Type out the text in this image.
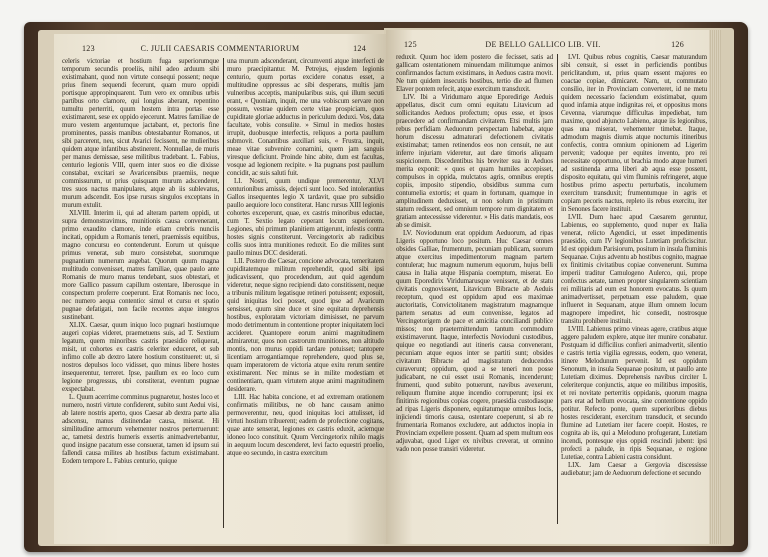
123	C. JULII CAESARIS COMMENTARIORUM	124

celeris victoriae et hostium fuga superiorumque temporum secundis proeliis, nihil adeo arduum sibi existimabant, quod non virtute consequi possent; neque prius finem sequendi fecerunt, quam muro oppidi portisque appropinquarent. Tum vero ex omnibus urbis partibus orto clamore, qui longius aberant, repentino tumultu perterriti, quum hostem intra portas esse existimarent, sese ex oppido ejecerunt. Matres familiae de muro vestem argentumque jactabant, et, pectoris fine prominentes, passis manibus obtestabantur Romanos, ut sibi parcerent, neu, sicut Avarici fecissent, ne mulieribus quidem atque infantibus abstinerent. Nonnullae, de muris per manus demissae, sese militibus tradebant. L. Fabius, centurio legionis VIII, quem inter suos eo die dixisse constabat, excitari se Avaricensibus praemiis, neque commissurum, ut prius quisquam murum adscenderet, tres suos nactus manipulares, atque ab iis sublevatus, murum adscendit. Eos ipse rursus singulos exceptans in murum extulit.

XLVIII. Interim ii, qui ad alteram partem oppidi, ut supra demonstravimus, munitionis causa convenerant, primo exaudito clamore, inde etiam crebris nunciis incitati, oppidum a Romanis teneri, praemissis equitibus, magno concursu eo contenderunt. Eorum ut quisque primus venerat, sub muro consistebat, suorumque pugnantium numerum augebat. Quorum quum magna multitudo convenisset, matres familiae, quae paulo ante Romanis de muro manus tendebant, suos obtestari, et more Gallico passum capillum ostentare, liberosque in conspectum proferre coeperunt. Erat Romanis nec loco, nec numero aequa contentio: simul et cursu et spatio pugnae defatigati, non facile recentes atque integros sustinebant.

XLIX. Caesar, quum iniquo loco pugnari hostiumque augeri copias videret, praemetuens suis, ad T. Sextium legatum, quem minoribus castris praesidio reliquerat, misit, ut cohortes ex castris celeriter educeret, et sub infimo colle ab dextro latere hostium constitueret: ut, si nostros depulsos loco vidisset, quo minus libere hostes insequerentur, terreret. Ipse, paullum ex eo loco cum legione progressus, ubi constiterat, eventum pugnae exspectabat.

L. Quum acerrime comminus pugnaretur, hostes loco et numero, nostri virtute confiderent, subito sunt Aedui visi, ab latere nostris aperto, quos Caesar ab dextra parte alia adscensu, manus distinendae causa, miserat. Hi similitudine armorum vehementer nostros perterruerunt: ac, tametsi dextris humeris exsertis animadvertebantur, quod insigne pacatum esse consuerat, tamen id ipsum sui fallendi causa milites ab hostibus factum existimabant. Eodem tempore L. Fabius centurio, quique

una murum adscenderant, circumventi atque interfecti de muro praecipitantur. M. Petrejus, ejusdem legionis centurio, quum portas excidere conatus esset, a multitudine oppressus ac sibi desperans, multis jam vulneribus acceptis, manipularibus suis, qui illum secuti erant, « Quoniam, inquit, me una vobiscum servare non possum, vestrae quidem certe vitae prospiciam, quos cupiditate gloriae adductus in periculum deduxi. Vos, data facultate, vobis consulite. » Simul in medios hostes irrupit, duobusque interfectis, reliquos a porta paullum submovit. Conantibus auxiliari suis, « Frustra, inquit, meae vitae subvenire conamini, quem jam sanguis viresque deficiunt. Proinde hinc abite, dum est facultas, vosque ad legionem recipite. » Ita pugnans post paullum concidit, ac suis saluti fuit.

LI. Nostri, quum undique premerentur, XLVI centurionibus amissis, dejecti sunt loco. Sed intolerantius Gallos insequentes legio X tardavit, quae pro subsidio paullo aequiore loco constiterat. Hanc rursus XIII legionis cohortes exceperunt, quae, ex castris minoribus eductae, cum T. Sextio legato ceperant locum superiorem. Legiones, ubi primum planitiem attigerunt, infestis contra hostes signis constiterunt. Vercingetorix ab radicibus collis suos intra munitiones reduxit. Eo die milites sunt paullo minus DCC desiderati.

LII. Postero die Caesar, concione advocata, temeritatem cupiditatemque militum reprehendit, quod sibi ipsi judicavissent, quo procedendum, aut quid agendum videretur, neque signo recipiendi dato constitissent, neque a tribunis militum legatisque retineri potuissent; exposuit, quid iniquitas loci posset, quod ipse ad Avaricum sensisset, quum sine duce et sine equitatu deprehensis hostibus, exploratam victoriam dimisisset, ne parvum modo detrimentum in contentione propter iniquitatem loci accideret. Quantopere eorum animi magnitudinem admiraretur, quos non castrorum munitiones, non altitudo montis, non murus oppidi tardare potuisset; tantopere licentiam arrogantiamque reprehendere, quod plus se, quam imperatorem de victoria atque exitu rerum sentire existimarent. Nec minus se in milite modestiam et continentiam, quam virtutem atque animi magnitudinem desiderare.

LIII. Hac habita concione, et ad extremam orationem confirmatis militibus, ne ob hanc causam animo permoverentur, neu, quod iniquitas loci attulisset, id virtuti hostium tribuerent; eadem de profectione cogitans, quae ante senserat, legiones ex castris eduxit, aciemque idoneo loco constituit. Quum Vercingetorix nihilo magis in aequum locum descenderet, levi facto equestri proelio, atque eo secundo, in castra exercitum

125	DE BELLO GALLICO LIB. VII.	126

reduxit. Quum hoc idem postero die fecisset, satis ad gallicam ostentationem minuendam militumque animos confirmandos factum existimans, in Aeduos castra movit. Ne tum quidem insecutis hostibus, tertio die ad flumen Elaver pontem refecit, atque exercitum transduxit.

LIV. Ibi a Viridumaro atque Eporedirige Aeduis appellatus, discit cum omni equitatu Litavicum ad sollicitandos Aeduos profectum; opus esse, et ipsos praecedere ad confirmandam civitatem. Etsi multis jam rebus perfidiam Aeduorum perspectam habebat, atque horum discessu admaturari defectionem civitatis existimabat; tamen retinendos eos non censuit, ne aut inferre injuriam videretur, aut dare timoris aliquam suspicionem. Discedentibus his breviter sua in Aeduos merita exponit: « quos et quam humiles accepisset, compulsos in oppida, mulctatos agris, omnibus ereptis copiis, imposito stipendio, obsidibus summa cum contumelia extortis; et quam in fortunam, quamque in amplitudinem deduxisset, ut non solum in pristinum statum redissent, sed omnium tempore rum dignitatem et gratiam antecessisse viderentur. » His datis mandatis, eos ab se dimisit.

LV. Noviodunum erat oppidum Aeduorum, ad ripas Ligeris opportuno loco positum. Huc Caesar omnes obsides Galliae, frumentum, pecuniam publicam, suorum atque exercitus impedimentorum magnam partem contulerat; huc magnum numerum equorum, hujus belli causa in Italia atque Hispania coemptum, miserat. Eo quum Eporedirix Viridumarusque venissent, et de statu civitatis cognovissent, Litavicum Bibracte ab Aeduis receptum, quod est oppidum apud eos maximae auctoritatis, Convictolitanem magistratum magnamque partem senatus ad eum convenisse, legatos ad Vercingetorigem de pace et amicitia conciliandi publice missos; non praetermittendum tantum commodum existimaverunt. Itaque, interfectis Novioduni custodibus, quique eo negotiandi aut itineris causa convenerant, pecuniam atque equos inter se partiti sunt; obsides civitatum Bibracte ad magistratum deducendos curaverunt; oppidum, quod a se teneri non posse judicabant, ne cui esset usui Romanis, incenderunt; frumenti, quod subito potuerunt, navibus avexerunt, reliquum flumine atque incendio corruperunt; ipsi ex finitimis regionibus copias cogere, praesidia custodiasque ad ripas Ligeris disponere, equitatumque omnibus locis, injiciendi timoris causa, ostentare coeperunt, si ab re frumentaria Romanos excludere, aut adductos inopia in Provinciam expellere possent. Quam ad spem multum eos adjuvabat, quod Liger ex nivibus creverat, ut omnino vado non posse transiri videretur.

LVI. Quibus rebus cognitis, Caesar maturandum sibi censuit, si esset in perficiendis pontibus periclitandum, ut, prius quam essent majores eo coactae copiae, dimicaret. Nam, ut, commutato consilio, iter in Provinciam converteret, id ne metu quidem necessario faciendum existimabat, quum quod infamia atque indignitas rei, et oppositus mons Cevenna, viarumque difficultas impediebat, tum maxime, quod abjuncto Labieno, atque iis legionibus, quas una miserat, vehementer timebat. Itaque, admodum magnis diurnis atque nocturnis itineribus confectis, contra omnium opinionem ad Ligerim pervenit; vadoque per equites invento, pro rei necessitate opportuno, ut brachia modo atque humeri ad sustinenda arma liberi ab aqua esse possent, disposito equitatu, qui vim fluminis refringeret, atque hostibus primo aspectu perturbatis, incolumem exercitum transduxit; frumentumque in agris et copiam pecoris nactus, repleto iis rebus exercitu, iter in Senones facere instituit.

LVII. Dum haec apud Caesarem geruntur, Labienus, eo supplemento, quod nuper ex Italia venerat, relicto Agendici, ut esset impedimentis praesidio, cum IV legionibus Lutetiam proficiscitur. Id est oppidum Parisiorum, positum in insula fluminis Sequanae. Cujus adventu ab hostibus cognito, magnae ex finitimis civitatibus copiae convenerunt. Summa imperii traditur Camulogeno Aulerco, qui, prope confectus aetate, tamen propter singularem scientiam rei militaris ad eum est honorem evocatus. Is quum animadvertisset, perpetuam esse paludem, quae influeret in Sequanam, atque illum omnem locum magnopere impediret, hic consedit, nostrosque transitu prohibere instituit.

LVIII. Labienus primo vineas agere, cratibus atque aggere paludem explere, atque iter munire conabatur. Postquam id difficilius confieri animadvertit, silentio e castris tertia vigilia egressus, eodem, quo venerat, itinere Melodunum pervenit. Id est oppidum Senonum, in insula Sequanae positum, ut paullo ante Lutetiam diximus. Deprehensis navibus circiter L celeriterque conjunctis, atque eo militibus impositis, et rei novitate perterritis oppidanis, quorum magna pars erat ad bellum evocata, sine contentione oppido potitur. Refecto ponte, quem superioribus diebus hostes resciderant, exercitum transducit, et secundo flumine ad Lutetiam iter facere coepit. Hostes, re cognita ab iis, qui a Meloduno profugerant, Lutetiam incendi, pontesque ejus oppidi rescindi jubent: ipsi profecti a palude, in ripis Sequanae, e regione Lutetiae, contra Labieni castra considunt.

LIX. Jam Caesar a Gergovia discessisse audiebatur; jam de Aeduorum defectione et secundo
